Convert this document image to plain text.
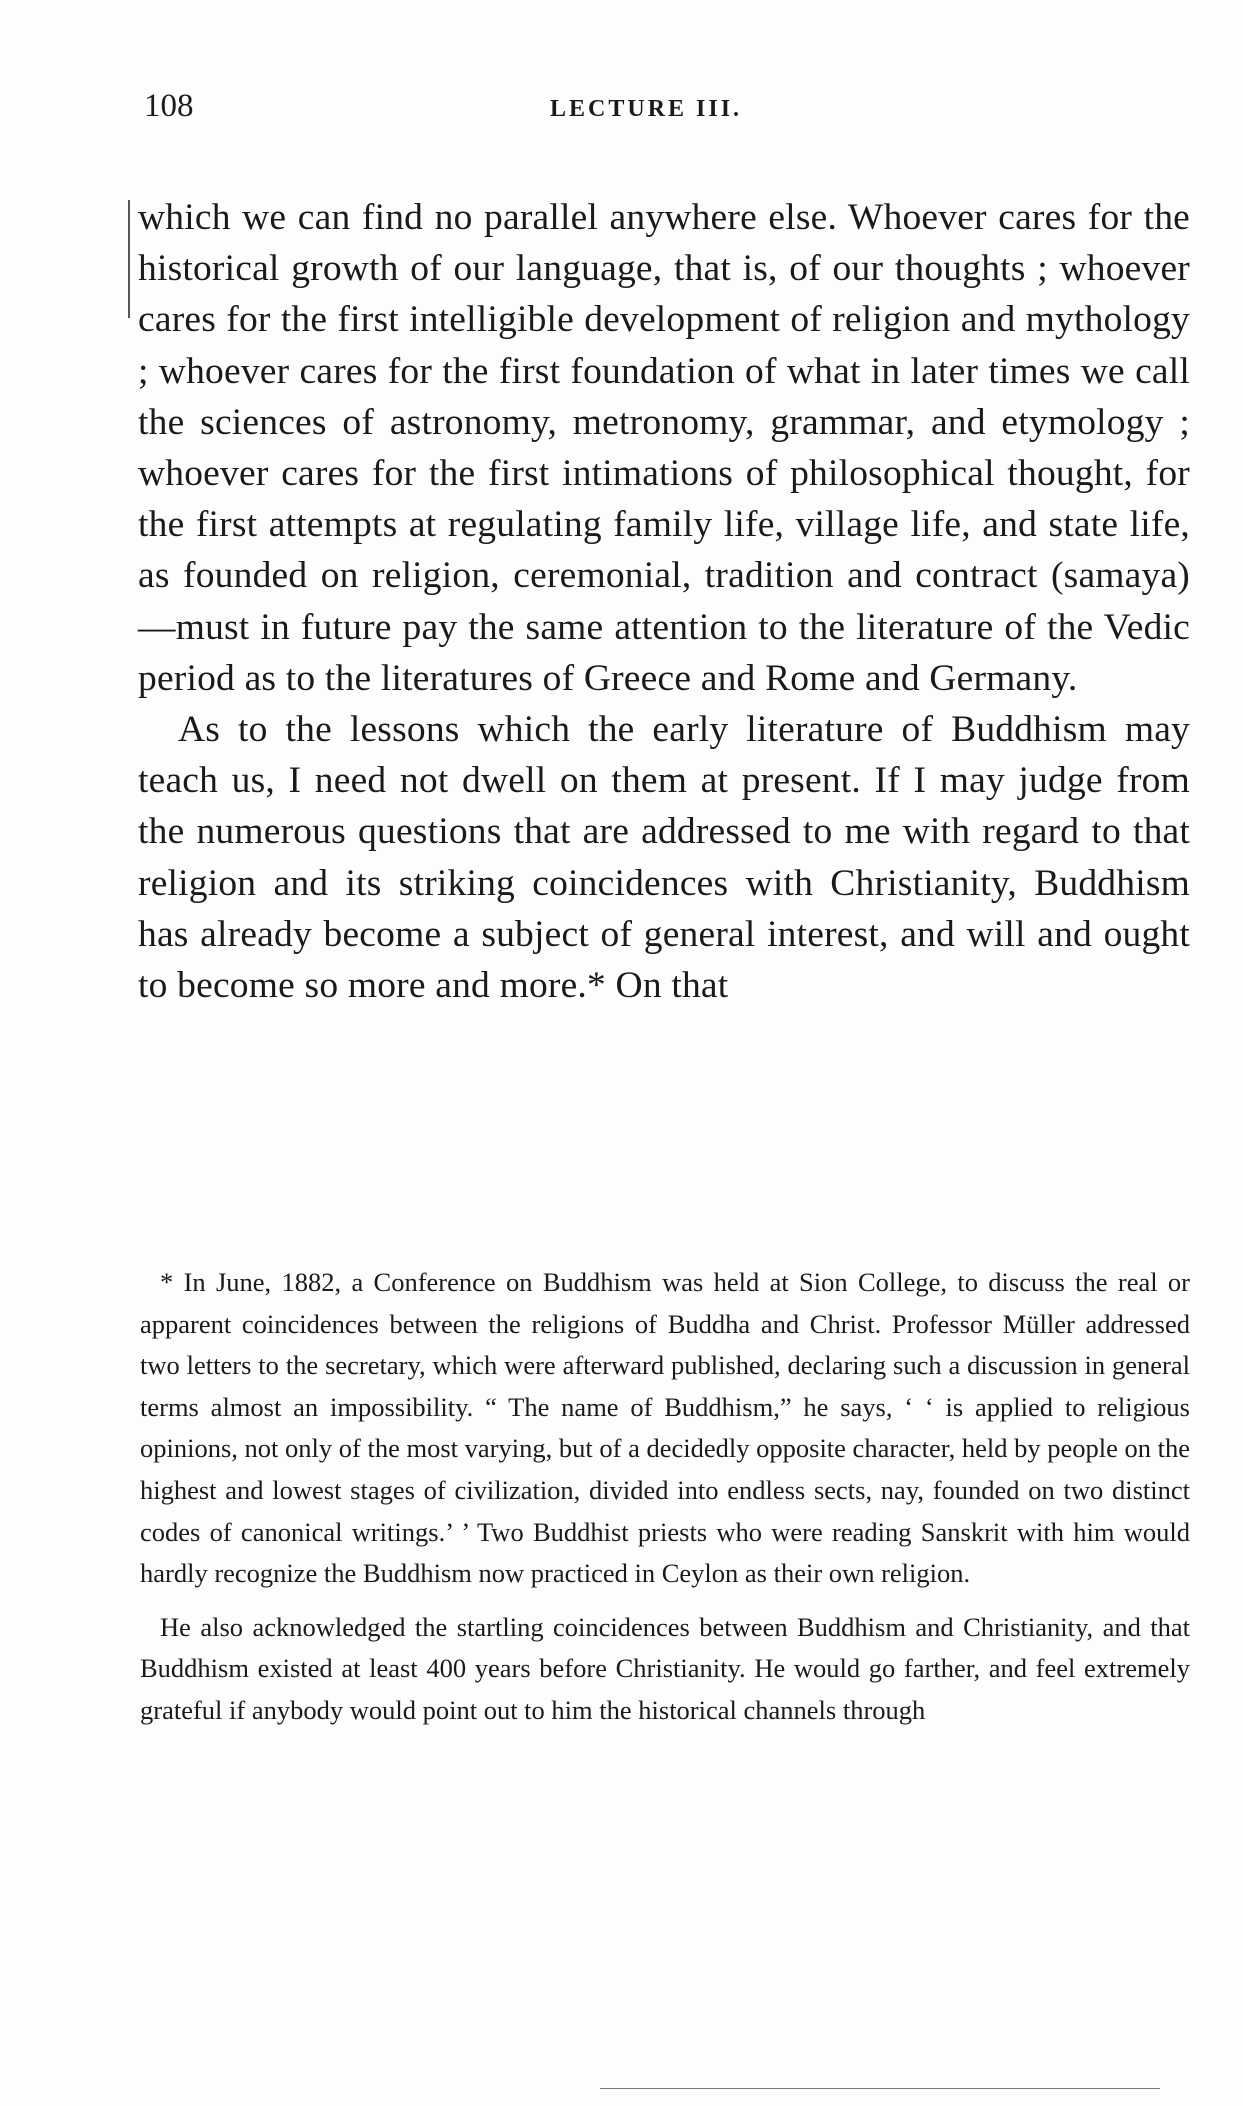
108	LECTURE III.

which we can find no parallel anywhere else. Whoever cares for the historical growth of our language, that is, of our thoughts ; whoever cares for the first intelligible development of religion and mythology ; whoever cares for the first foundation of what in later times we call the sciences of astronomy, metronomy, grammar, and etymology ; whoever cares for the first intimations of philosophical thought, for the first attempts at regulating family life, village life, and state life, as founded on religion, ceremonial, tradition and contract (samaya)—must in future pay the same attention to the literature of the Vedic period as to the literatures of Greece and Rome and Germany.

As to the lessons which the early literature of Buddhism may teach us, I need not dwell on them at present. If I may judge from the numerous questions that are addressed to me with regard to that religion and its striking coincidences with Christianity, Buddhism has already become a subject of general interest, and will and ought to become so more and more.* On that

* In June, 1882, a Conference on Buddhism was held at Sion College, to discuss the real or apparent coincidences between the religions of Buddha and Christ. Professor Müller addressed two letters to the secretary, which were afterward published, declaring such a discussion in general terms almost an impossibility. “ The name of Buddhism,” he says, ‘ ‘ is applied to religious opinions, not only of the most varying, but of a decidedly opposite character, held by people on the highest and lowest stages of civilization, divided into endless sects, nay, founded on two distinct codes of canonical writings.’ ’ Two Buddhist priests who were reading Sanskrit with him would hardly recognize the Buddhism now practiced in Ceylon as their own religion.

He also acknowledged the startling coincidences between Buddhism and Christianity, and that Buddhism existed at least 400 years before Christianity. He would go farther, and feel extremely grateful if anybody would point out to him the historical channels through
